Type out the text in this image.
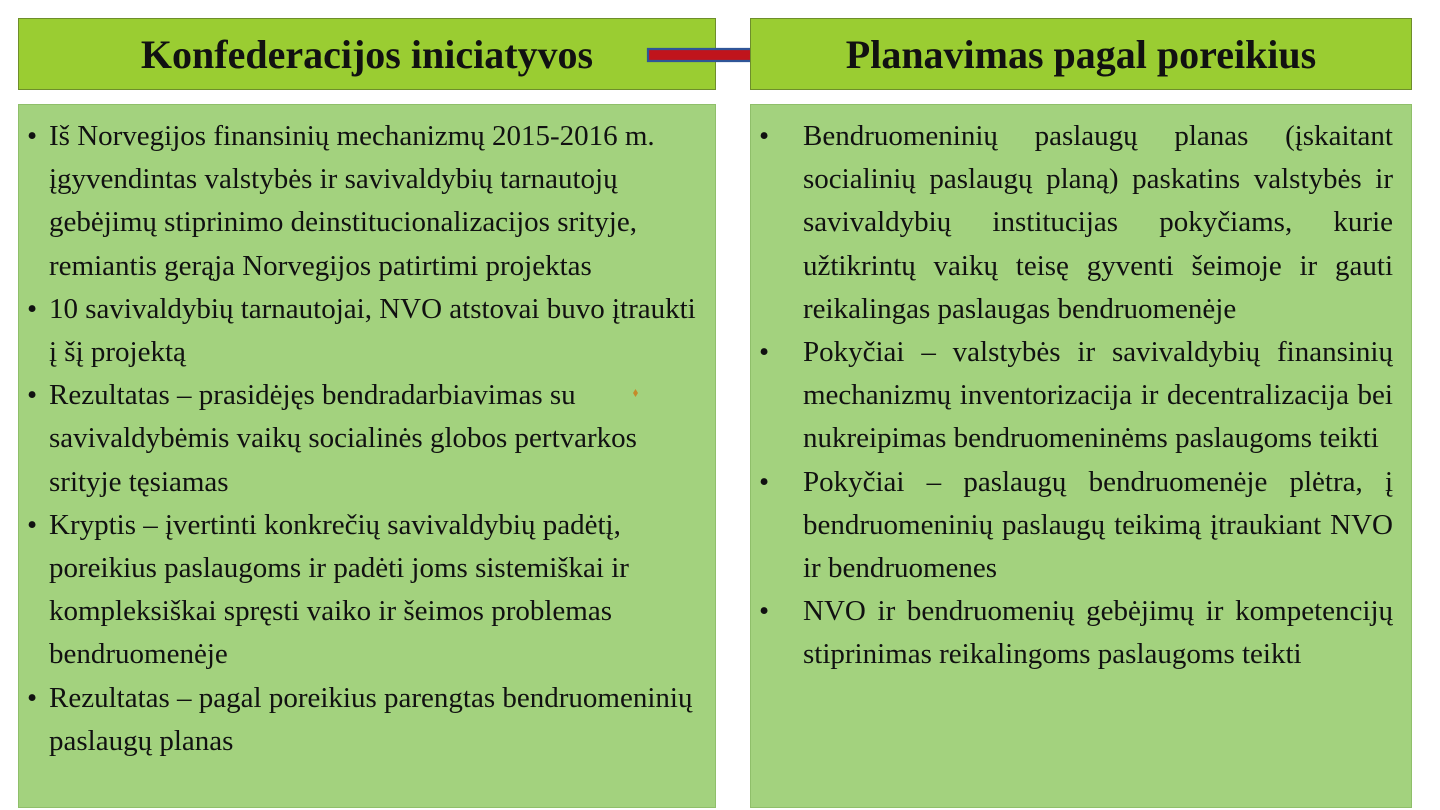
Konfederacijos iniciatyvos	Planavimas pagal poreikius
• Iš Norvegijos finansinių mechanizmų 2015-2016 m. įgyvendintas valstybės ir savivaldybių tarnautojų gebėjimų stiprinimo deinstitucionalizacijos srityje, remiantis gerąja Norvegijos patirtimi projektas
• 10 savivaldybių tarnautojai, NVO atstovai buvo įtraukti į šį projektą
• Rezultatas – prasidėjęs bendradarbiavimas su savivaldybėmis vaikų socialinės globos pertvarkos srityje tęsiamas
• Kryptis – įvertinti konkrečių savivaldybių padėtį, poreikius paslaugoms ir padėti joms sistemiškai ir kompleksiškai spręsti vaiko ir šeimos problemas bendruomenėje
• Rezultatas – pagal poreikius parengtas bendruomeninių paslaugų planas
• Bendruomeninių paslaugų planas (įskaitant socialinių paslaugų planą) paskatins valstybės ir savivaldybių institucijas pokyčiams, kurie užtikrintų vaikų teisę gyventi šeimoje ir gauti reikalingas paslaugas bendruomenėje
• Pokyčiai – valstybės ir savivaldybių finansinių mechanizmų inventorizacija ir decentralizacija bei nukreipimas bendruomeninėms paslaugoms teikti
• Pokyčiai – paslaugų bendruomenėje plėtra, į bendruomeninių paslaugų teikimą įtraukiant NVO ir bendruomenes
• NVO ir bendruomenių gebėjimų ir kompetencijų stiprinimas reikalingoms paslaugoms teikti
